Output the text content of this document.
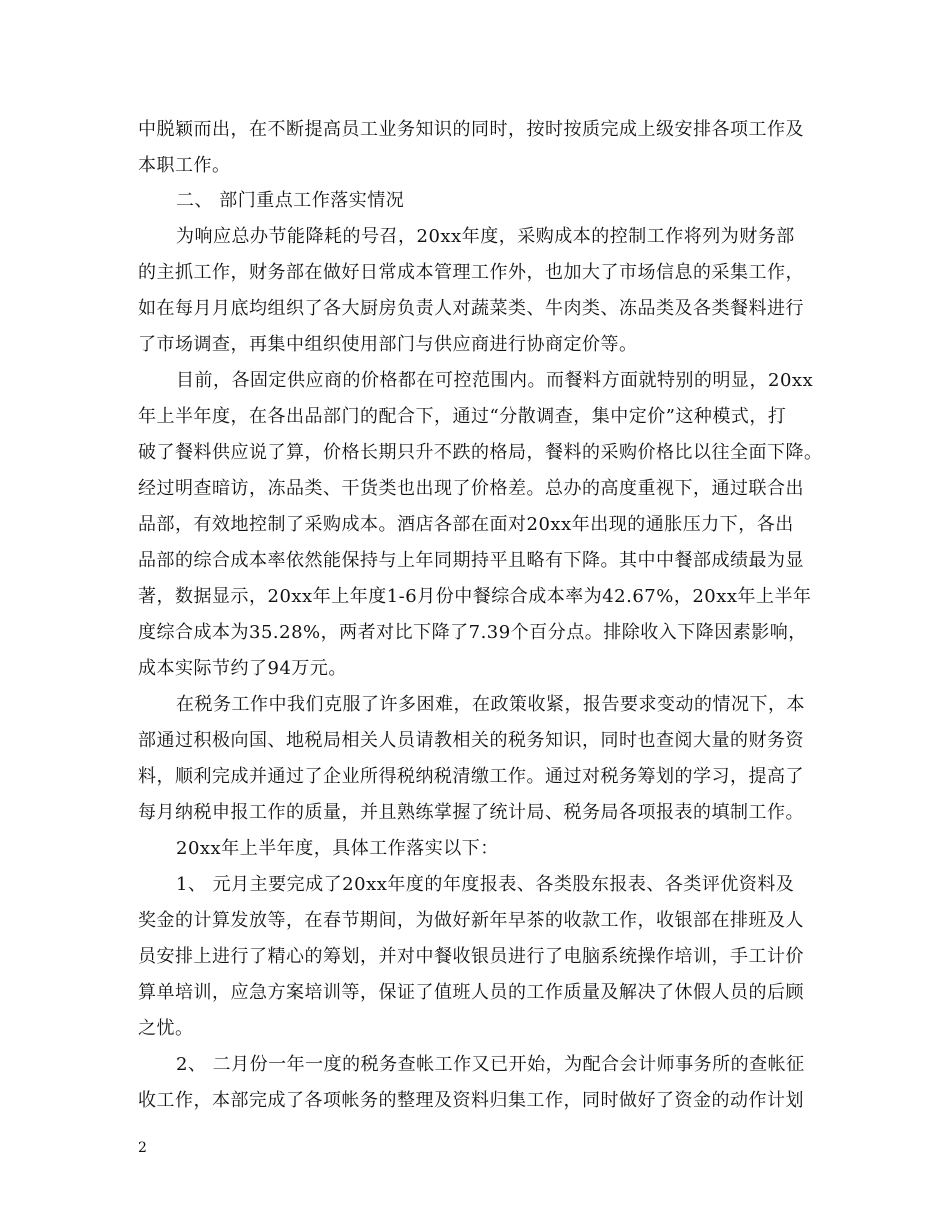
中脱颖而出，在不断提高员工业务知识的同时，按时按质完成上级安排各项工作及
本职工作。
二、 部门重点工作落实情况
为响应总办节能降耗的号召，20xx年度，采购成本的控制工作将列为财务部
的主抓工作，财务部在做好日常成本管理工作外，也加大了市场信息的采集工作，
如在每月月底均组织了各大厨房负责人对蔬菜类、牛肉类、冻品类及各类餐料进行
了市场调查，再集中组织使用部门与供应商进行协商定价等。
目前，各固定供应商的价格都在可控范围内。而餐料方面就特别的明显，20xx
年上半年度，在各出品部门的配合下，通过“分散调查，集中定价”这种模式，打
破了餐料供应说了算，价格长期只升不跌的格局，餐料的采购价格比以往全面下降。
经过明查暗访，冻品类、干货类也出现了价格差。总办的高度重视下，通过联合出
品部，有效地控制了采购成本。酒店各部在面对20xx年出现的通胀压力下，各出
品部的综合成本率依然能保持与上年同期持平且略有下降。其中中餐部成绩最为显
著，数据显示，20xx年上年度1-6月份中餐综合成本率为42.67%，20xx年上半年
度综合成本为35.28%，两者对比下降了7.39个百分点。排除收入下降因素影响，
成本实际节约了94万元。
在税务工作中我们克服了许多困难，在政策收紧，报告要求变动的情况下，本
部通过积极向国、地税局相关人员请教相关的税务知识，同时也查阅大量的财务资
料，顺利完成并通过了企业所得税纳税清缴工作。通过对税务筹划的学习，提高了
每月纳税申报工作的质量，并且熟练掌握了统计局、税务局各项报表的填制工作。
20xx年上半年度，具体工作落实以下：
1、 元月主要完成了20xx年度的年度报表、各类股东报表、各类评优资料及
奖金的计算发放等，在春节期间，为做好新年早茶的收款工作，收银部在排班及人
员安排上进行了精心的筹划，并对中餐收银员进行了电脑系统操作培训，手工计价
算单培训，应急方案培训等，保证了值班人员的工作质量及解决了休假人员的后顾
之忧。
2、 二月份一年一度的税务查帐工作又已开始，为配合会计师事务所的查帐征
收工作，本部完成了各项帐务的整理及资料归集工作，同时做好了资金的动作计划
2
